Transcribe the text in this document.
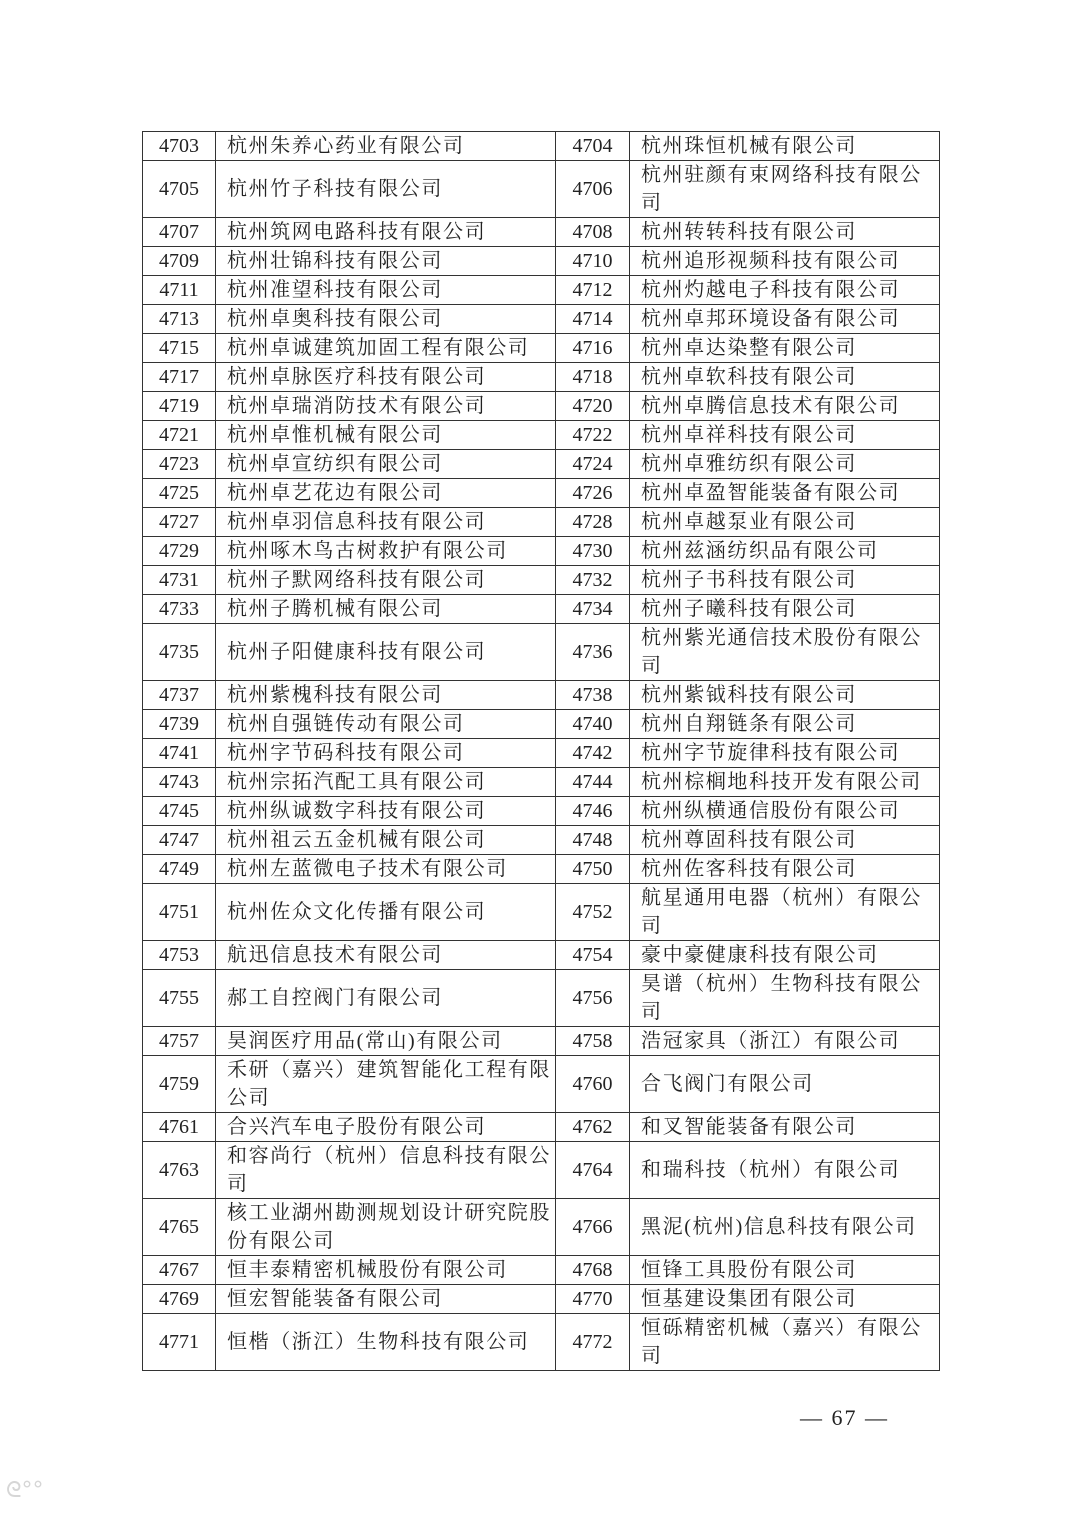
4703	杭州朱养心药业有限公司	4704	杭州珠恒机械有限公司
4705	杭州竹子科技有限公司	4706	杭州驻颜有束网络科技有限公司
4707	杭州筑网电路科技有限公司	4708	杭州转转科技有限公司
4709	杭州壮锦科技有限公司	4710	杭州追形视频科技有限公司
4711	杭州准望科技有限公司	4712	杭州灼越电子科技有限公司
4713	杭州卓奥科技有限公司	4714	杭州卓邦环境设备有限公司
4715	杭州卓诚建筑加固工程有限公司	4716	杭州卓达染整有限公司
4717	杭州卓脉医疗科技有限公司	4718	杭州卓软科技有限公司
4719	杭州卓瑞消防技术有限公司	4720	杭州卓腾信息技术有限公司
4721	杭州卓惟机械有限公司	4722	杭州卓祥科技有限公司
4723	杭州卓宣纺织有限公司	4724	杭州卓雅纺织有限公司
4725	杭州卓艺花边有限公司	4726	杭州卓盈智能装备有限公司
4727	杭州卓羽信息科技有限公司	4728	杭州卓越泵业有限公司
4729	杭州啄木鸟古树救护有限公司	4730	杭州兹涵纺织品有限公司
4731	杭州子默网络科技有限公司	4732	杭州子书科技有限公司
4733	杭州子腾机械有限公司	4734	杭州子曦科技有限公司
4735	杭州子阳健康科技有限公司	4736	杭州紫光通信技术股份有限公司
4737	杭州紫槐科技有限公司	4738	杭州紫钺科技有限公司
4739	杭州自强链传动有限公司	4740	杭州自翔链条有限公司
4741	杭州字节码科技有限公司	4742	杭州字节旋律科技有限公司
4743	杭州宗拓汽配工具有限公司	4744	杭州棕榈地科技开发有限公司
4745	杭州纵诚数字科技有限公司	4746	杭州纵横通信股份有限公司
4747	杭州祖云五金机械有限公司	4748	杭州尊固科技有限公司
4749	杭州左蓝微电子技术有限公司	4750	杭州佐客科技有限公司
4751	杭州佐众文化传播有限公司	4752	航星通用电器（杭州）有限公司
4753	航迅信息技术有限公司	4754	豪中豪健康科技有限公司
4755	郝工自控阀门有限公司	4756	昊谱（杭州）生物科技有限公司
4757	昊润医疗用品(常山)有限公司	4758	浩冠家具（浙江）有限公司
4759	禾研（嘉兴）建筑智能化工程有限公司	4760	合飞阀门有限公司
4761	合兴汽车电子股份有限公司	4762	和叉智能装备有限公司
4763	和容尚行（杭州）信息科技有限公司	4764	和瑞科技（杭州）有限公司
4765	核工业湖州勘测规划设计研究院股份有限公司	4766	黑泥(杭州)信息科技有限公司
4767	恒丰泰精密机械股份有限公司	4768	恒锋工具股份有限公司
4769	恒宏智能装备有限公司	4770	恒基建设集团有限公司
4771	恒楷（浙江）生物科技有限公司	4772	恒砾精密机械（嘉兴）有限公司
— 67 —
ᘓ°°
